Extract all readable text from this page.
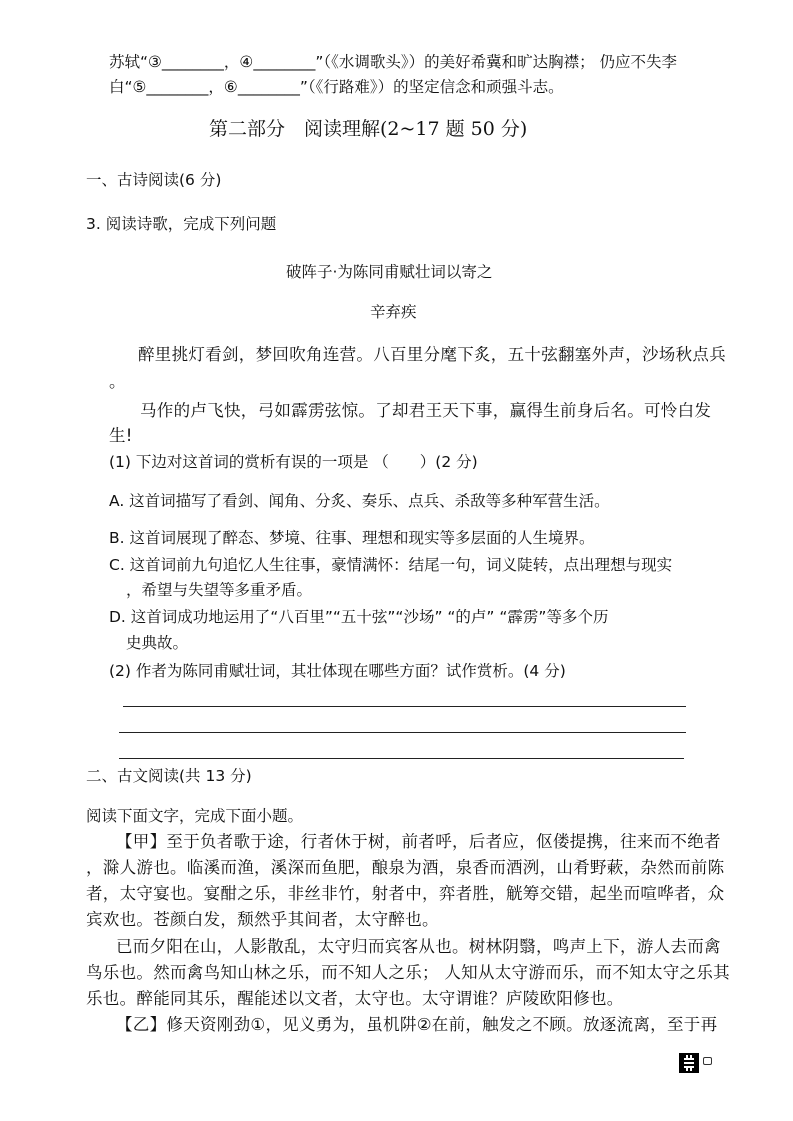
苏轼“③________，④________”（《水调歌头》）的美好希冀和旷达胸襟； 仍应不失李
白“⑤________，⑥________”（《行路难》）的坚定信念和顽强斗志。
第二部分　阅读理解(2~17 题 50 分)
一、古诗阅读(6 分)
3. 阅读诗歌，完成下列问题
破阵子·为陈同甫赋壮词以寄之
辛弃疾
醉里挑灯看剑，梦回吹角连营。八百里分麾下炙，五十弦翻塞外声，沙场秋点兵
。
马作的卢飞快，弓如霹雳弦惊。了却君王天下事，赢得生前身后名。可怜白发
生!
(1) 下边对这首词的赏析有误的一项是 （　　）(2 分)
A. 这首词描写了看剑、闻角、分炙、奏乐、点兵、杀敌等多种军营生活。
B. 这首词展现了醉态、梦境、往事、理想和现实等多层面的人生境界。
C. 这首词前九句追忆人生往事，豪情满怀：结尾一句，词义陡转，点出理想与现实
，希望与失望等多重矛盾。
D. 这首词成功地运用了“八百里”“五十弦”“沙场” “的卢” “霹雳”等多个历
史典故。
(2) 作者为陈同甫赋壮词，其壮体现在哪些方面？试作赏析。(4 分)
二、古文阅读(共 13 分)
阅读下面文字，完成下面小题。
【甲】至于负者歌于途，行者休于树，前者呼，后者应，伛偻提携，往来而不绝者
，滁人游也。临溪而渔，溪深而鱼肥，酿泉为酒，泉香而酒洌，山肴野蔌，杂然而前陈
者，太守宴也。宴酣之乐，非丝非竹，射者中，弈者胜，觥筹交错，起坐而喧哗者，众
宾欢也。苍颜白发，颓然乎其间者，太守醉也。
已而夕阳在山，人影散乱，太守归而宾客从也。树林阴翳，鸣声上下，游人去而禽
鸟乐也。然而禽鸟知山林之乐，而不知人之乐； 人知从太守游而乐，而不知太守之乐其
乐也。醉能同其乐，醒能述以文者，太守也。太守谓谁？庐陵欧阳修也。
【乙】修天资刚劲①，见义勇为，虽机阱②在前，触发之不顾。放逐流离，至于再
